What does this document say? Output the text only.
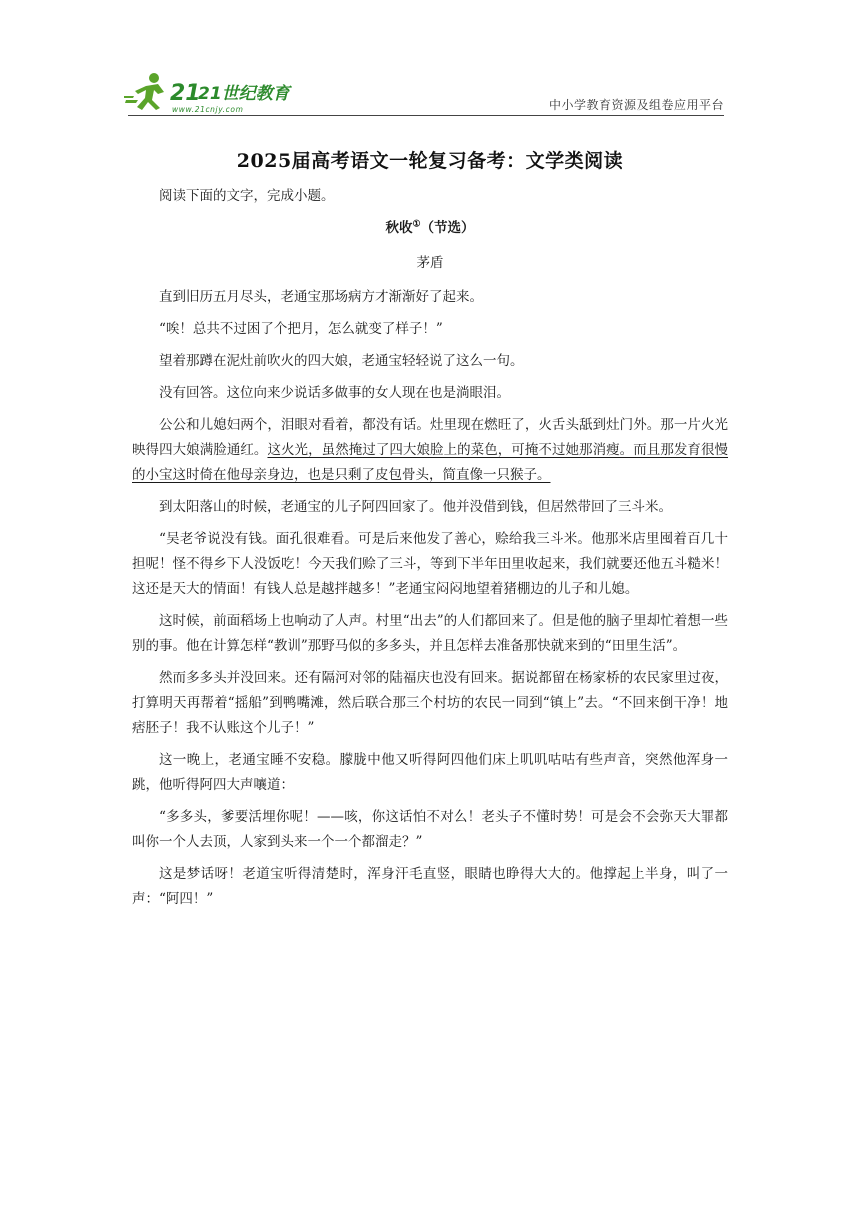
21
21世纪教育
www.21cnjy.com	中小学教育资源及组卷应用平台
2025届高考语文一轮复习备考：文学类阅读

阅读下面的文字，完成小题。

秋收①（节选）

茅盾

直到旧历五月尽头，老通宝那场病方才渐渐好了起来。

“唉！总共不过困了个把月，怎么就变了样子！”

望着那蹲在泥灶前吹火的四大娘，老通宝轻轻说了这么一句。

没有回答。这位向来少说话多做事的女人现在也是淌眼泪。

公公和儿媳妇两个，泪眼对看着，都没有话。灶里现在燃旺了，火舌头舐到灶门外。那一片火光映得四大娘满脸通红。这火光，虽然掩过了四大娘脸上的菜色，可掩不过她那消瘦。而且那发育很慢的小宝这时倚在他母亲身边，也是只剩了皮包骨头，简直像一只猴子。

到太阳落山的时候，老通宝的儿子阿四回家了。他并没借到钱，但居然带回了三斗米。

“吴老爷说没有钱。面孔很难看。可是后来他发了善心，赊给我三斗米。他那米店里囤着百几十担呢！怪不得乡下人没饭吃！今天我们赊了三斗，等到下半年田里收起来，我们就要还他五斗糙米！这还是天大的情面！有钱人总是越拌越多！”老通宝闷闷地望着猪棚边的儿子和儿媳。

这时候，前面稻场上也响动了人声。村里“出去”的人们都回来了。但是他的脑子里却忙着想一些别的事。他在计算怎样“教训”那野马似的多多头，并且怎样去准备那快就来到的“田里生活”。

然而多多头并没回来。还有隔河对邻的陆福庆也没有回来。据说都留在杨家桥的农民家里过夜，打算明天再帮着“摇船”到鸭嘴滩，然后联合那三个村坊的农民一同到“镇上”去。“不回来倒干净！地痞胚子！我不认账这个儿子！”

这一晚上，老通宝睡不安稳。朦胧中他又听得阿四他们床上叽叽咕咕有些声音，突然他浑身一跳，他听得阿四大声嚷道：

“多多头，爹要活埋你呢！——咳，你这话怕不对么！老头子不懂时势！可是会不会弥天大罪都叫你一个人去顶，人家到头来一个一个都溜走？”

这是梦话呀！老道宝听得清楚时，浑身汗毛直竖，眼睛也睁得大大的。他撑起上半身，叫了一声：“阿四！”
